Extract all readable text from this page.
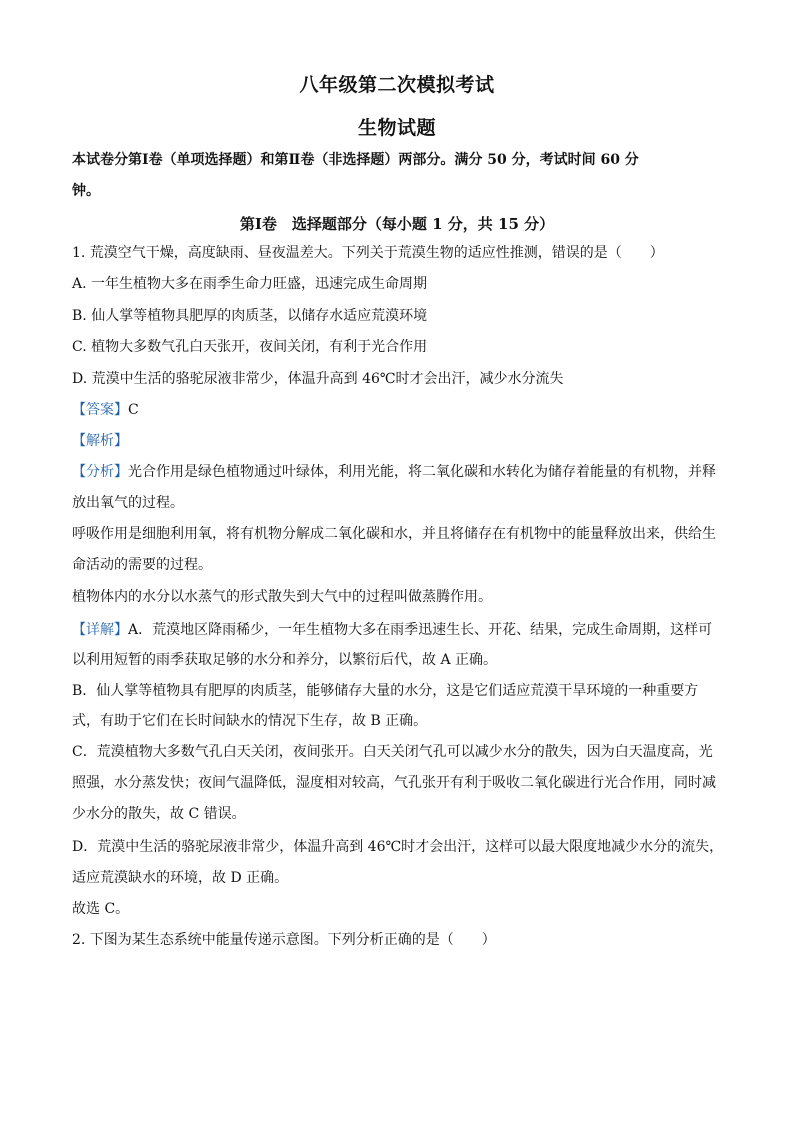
八年级第二次模拟考试
生物试题
本试卷分第Ⅰ卷（单项选择题）和第Ⅱ卷（非选择题）两部分。满分 50 分，考试时间 60 分
钟。
第Ⅰ卷　选择题部分（每小题 1 分，共 15 分）
1. 荒漠空气干燥，高度缺雨、昼夜温差大。下列关于荒漠生物的适应性推测，错误的是（　　）
A. 一年生植物大多在雨季生命力旺盛，迅速完成生命周期
B. 仙人掌等植物具肥厚的肉质茎，以储存水适应荒漠环境
C. 植物大多数气孔白天张开，夜间关闭，有利于光合作用
D. 荒漠中生活的骆驼尿液非常少，体温升高到 46℃时才会出汗，减少水分流失
【答案】C
【解析】
【分析】光合作用是绿色植物通过叶绿体，利用光能，将二氧化碳和水转化为储存着能量的有机物，并释
放出氧气的过程。
呼吸作用是细胞利用氧，将有机物分解成二氧化碳和水，并且将储存在有机物中的能量释放出来，供给生
命活动的需要的过程。
植物体内的水分以水蒸气的形式散失到大气中的过程叫做蒸腾作用。
【详解】A．荒漠地区降雨稀少，一年生植物大多在雨季迅速生长、开花、结果，完成生命周期，这样可
以利用短暂的雨季获取足够的水分和养分，以繁衍后代，故 A 正确。
B．仙人掌等植物具有肥厚的肉质茎，能够储存大量的水分，这是它们适应荒漠干旱环境的一种重要方
式，有助于它们在长时间缺水的情况下生存，故 B 正确。
C．荒漠植物大多数气孔白天关闭，夜间张开。白天关闭气孔可以减少水分的散失，因为白天温度高，光
照强，水分蒸发快；夜间气温降低，湿度相对较高，气孔张开有利于吸收二氧化碳进行光合作用，同时减
少水分的散失，故 C 错误。
D．荒漠中生活的骆驼尿液非常少，体温升高到 46℃时才会出汗，这样可以最大限度地减少水分的流失，
适应荒漠缺水的环境，故 D 正确。
故选 C。
2. 下图为某生态系统中能量传递示意图。下列分析正确的是（　　）
